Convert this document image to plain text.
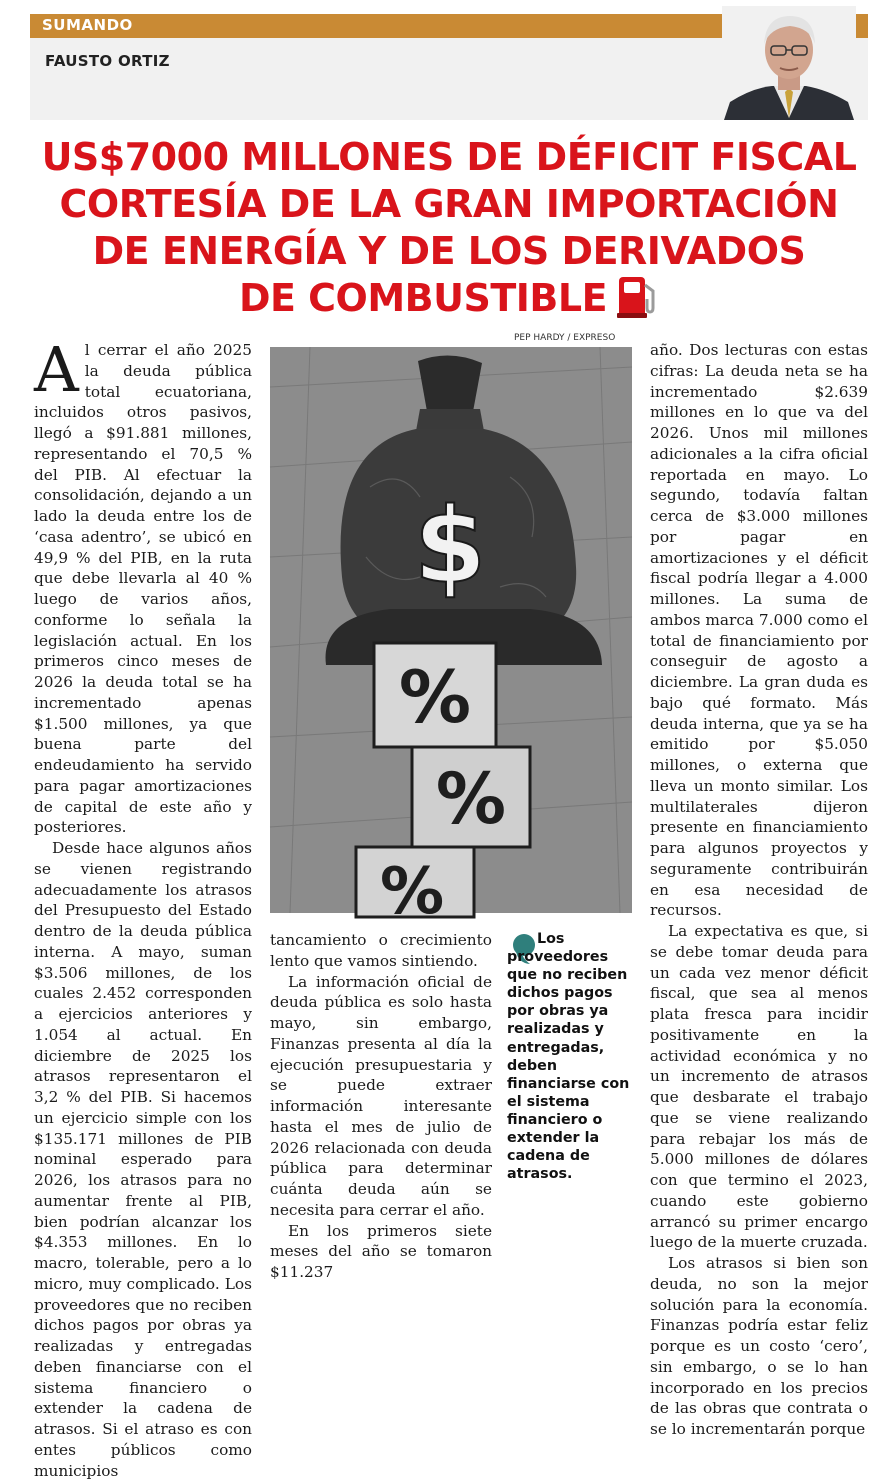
SUMANDO
FAUSTO ORTIZ
US$7000 MILLONES DE DÉFICIT FISCAL
CORTESÍA DE LA GRAN IMPORTACIÓN
DE ENERGÍA Y DE LOS DERIVADOS
DE COMBUSTIBLE
PEP HARDY / EXPRESO
$
%
%
%

Al cerrar el año 2025 la deuda pública total ecuatoriana, incluidos otros pasivos, llegó a $91.881 millones, representando el 70,5 % del PIB. Al efectuar la consolidación, dejando a un lado la deuda entre los de ‘casa adentro’, se ubicó en 49,9 % del PIB, en la ruta que debe llevarla al 40 % luego de varios años, conforme lo señala la legislación actual. En los primeros cinco meses de 2026 la deuda total se ha incrementado apenas $1.500 millones, ya que buena parte del endeudamiento ha servido para pagar amortizaciones de capital de este año y posteriores.

Desde hace algunos años se vienen registrando adecuadamente los atrasos del Presupuesto del Estado dentro de la deuda pública interna. A mayo, suman $3.506 millones, de los cuales 2.452 corresponden a ejercicios anteriores y 1.054 al actual. En diciembre de 2025 los atrasos representaron el 3,2 % del PIB. Si hacemos un ejercicio simple con los $135.171 millones de PIB nominal esperado para 2026, los atrasos para no aumentar frente al PIB, bien podrían alcanzar los $4.353 millones. En lo macro, tolerable, pero a lo micro, muy complicado. Los proveedores que no reciben dichos pagos por obras ya realizadas y entregadas deben financiarse con el sistema financiero o extender la cadena de atrasos. Si el atraso es con entes públicos como municipios

tancamiento o crecimiento lento que vamos sintiendo.

La información oficial de deuda pública es solo hasta mayo, sin embargo, Finanzas presenta al día la ejecución presupuestaria y se puede extraer información interesante hasta el mes de julio de 2026 relacionada con deuda pública para determinar cuánta deuda aún se necesita para cerrar el año.

En los primeros siete meses del año se tomaron $11.237

Los proveedores que no reciben dichos pagos por obras ya realizadas y entregadas, deben financiarse con el sistema financiero o extender la cadena de atrasos.

año. Dos lecturas con estas cifras: La deuda neta se ha incrementado $2.639 millones en lo que va del 2026. Unos mil millones adicionales a la cifra oficial reportada en mayo. Lo segundo, todavía faltan cerca de $3.000 millones por pagar en amortizaciones y el déficit fiscal podría llegar a 4.000 millones. La suma de ambos marca 7.000 como el total de financiamiento por conseguir de agosto a diciembre. La gran duda es bajo qué formato. Más deuda interna, que ya se ha emitido por $5.050 millones, o externa que lleva un monto similar. Los multilaterales dijeron presente en financiamiento para algunos proyectos y seguramente contribuirán en esa necesidad de recursos.

La expectativa es que, si se debe tomar deuda para un cada vez menor déficit fiscal, que sea al menos plata fresca para incidir positivamente en la actividad económica y no un incremento de atrasos que desbarate el trabajo que se viene realizando para rebajar los más de 5.000 millones de dólares con que termino el 2023, cuando este gobierno arrancó su primer encargo luego de la muerte cruzada.

Los atrasos si bien son deuda, no son la mejor solución para la economía. Finanzas podría estar feliz porque es un costo ‘cero’, sin embargo, o se lo han incorporado en los precios de las obras que contrata o se lo incrementarán porque
